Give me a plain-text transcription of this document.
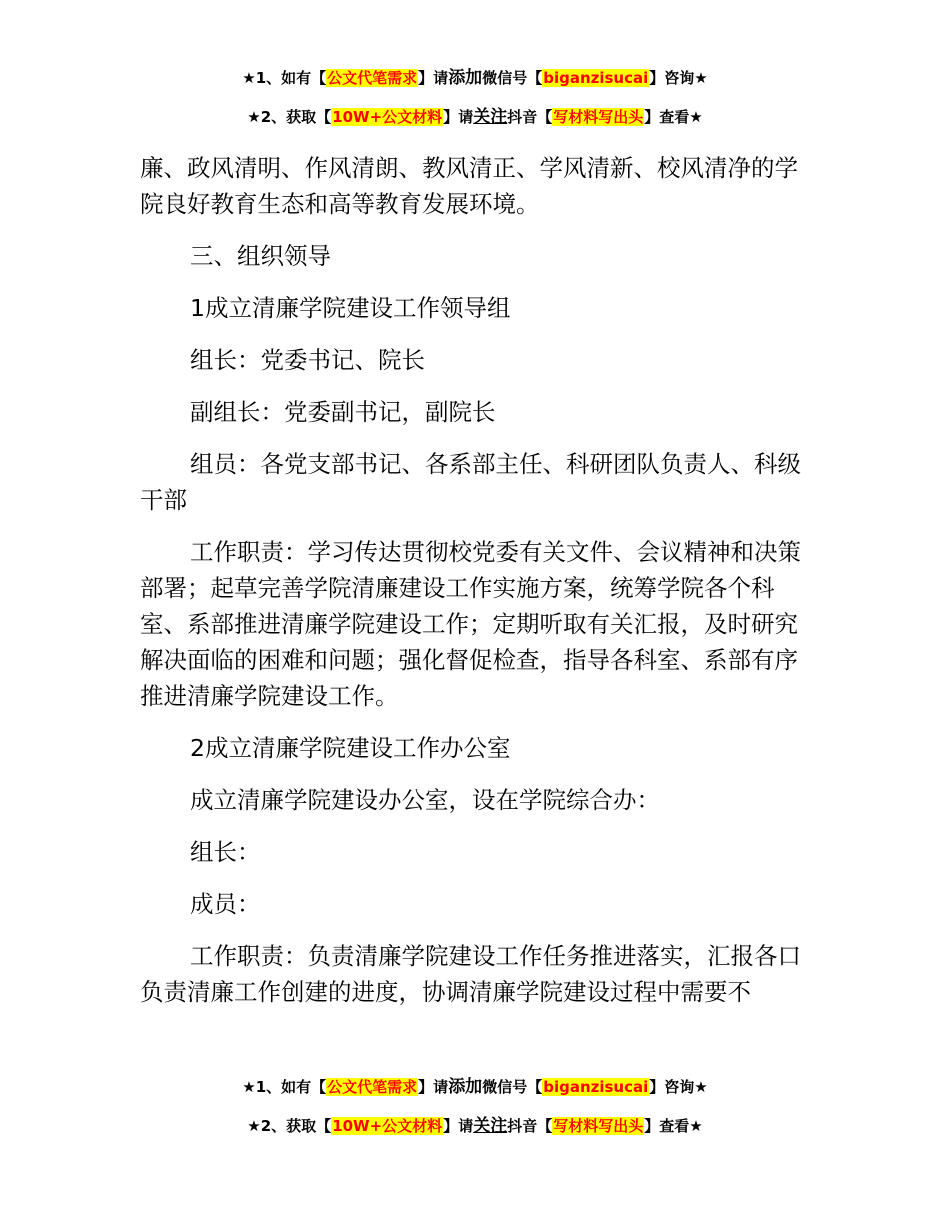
★1、如有【公文代笔需求】请添加微信号【biganzisucai】咨询★
★2、获取【10W+公文材料】请关注抖音【写材料写出头】查看★

廉、政风清明、作风清朗、教风清正、学风清新、校风清净的学院良好教育生态和高等教育发展环境。

三、组织领导

1成立清廉学院建设工作领导组

组长：党委书记、院长

副组长：党委副书记，副院长

组员：各党支部书记、各系部主任、科研团队负责人、科级干部

工作职责：学习传达贯彻校党委有关文件、会议精神和决策部署；起草完善学院清廉建设工作实施方案，统筹学院各个科室、系部推进清廉学院建设工作；定期听取有关汇报，及时研究解决面临的困难和问题；强化督促检查，指导各科室、系部有序推进清廉学院建设工作。

2成立清廉学院建设工作办公室

成立清廉学院建设办公室，设在学院综合办：

组长：

成员：

工作职责：负责清廉学院建设工作任务推进落实，汇报各口负责清廉工作创建的进度，协调清廉学院建设过程中需要不

★1、如有【公文代笔需求】请添加微信号【biganzisucai】咨询★
★2、获取【10W+公文材料】请关注抖音【写材料写出头】查看★
